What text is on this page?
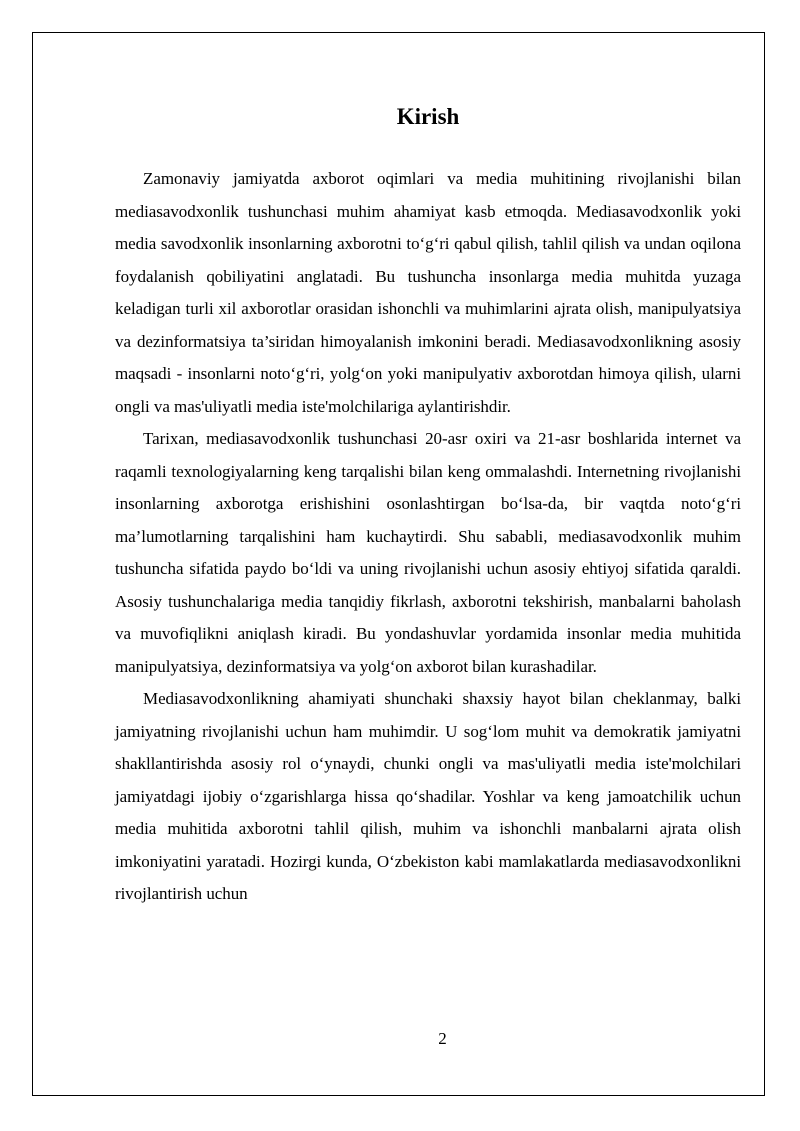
Kirish

Zamonaviy jamiyatda axborot oqimlari va media muhitining rivojlanishi bilan mediasavodxonlik tushunchasi muhim ahamiyat kasb etmoqda. Mediasavodxonlik yoki media savodxonlik insonlarning axborotni to‘g‘ri qabul qilish, tahlil qilish va undan oqilona foydalanish qobiliyatini anglatadi. Bu tushuncha insonlarga media muhitda yuzaga keladigan turli xil axborotlar orasidan ishonchli va muhimlarini ajrata olish, manipulyatsiya va dezinformatsiya ta’siridan himoyalanish imkonini beradi. Mediasavodxonlikning asosiy maqsadi - insonlarni noto‘g‘ri, yolg‘on yoki manipulyativ axborotdan himoya qilish, ularni ongli va mas'uliyatli media iste'molchilariga aylantirishdir.

Tarixan, mediasavodxonlik tushunchasi 20-asr oxiri va 21-asr boshlarida internet va raqamli texnologiyalarning keng tarqalishi bilan keng ommalashdi. Internetning rivojlanishi insonlarning axborotga erishishini osonlashtirgan bo‘lsa-da, bir vaqtda noto‘g‘ri ma’lumotlarning tarqalishini ham kuchaytirdi. Shu sababli, mediasavodxonlik muhim tushuncha sifatida paydo bo‘ldi va uning rivojlanishi uchun asosiy ehtiyoj sifatida qaraldi. Asosiy tushunchalariga media tanqidiy fikrlash, axborotni tekshirish, manbalarni baholash va muvofiqlikni aniqlash kiradi. Bu yondashuvlar yordamida insonlar media muhitida manipulyatsiya, dezinformatsiya va yolg‘on axborot bilan kurashadilar.

Mediasavodxonlikning ahamiyati shunchaki shaxsiy hayot bilan cheklanmay, balki jamiyatning rivojlanishi uchun ham muhimdir. U sog‘lom muhit va demokratik jamiyatni shakllantirishda asosiy rol o‘ynaydi, chunki ongli va mas'uliyatli media iste'molchilari jamiyatdagi ijobiy o‘zgarishlarga hissa qo‘shadilar. Yoshlar va keng jamoatchilik uchun media muhitida axborotni tahlil qilish, muhim va ishonchli manbalarni ajrata olish imkoniyatini yaratadi. Hozirgi kunda, O‘zbekiston kabi mamlakatlarda mediasavodxonlikni rivojlantirish uchun

2
